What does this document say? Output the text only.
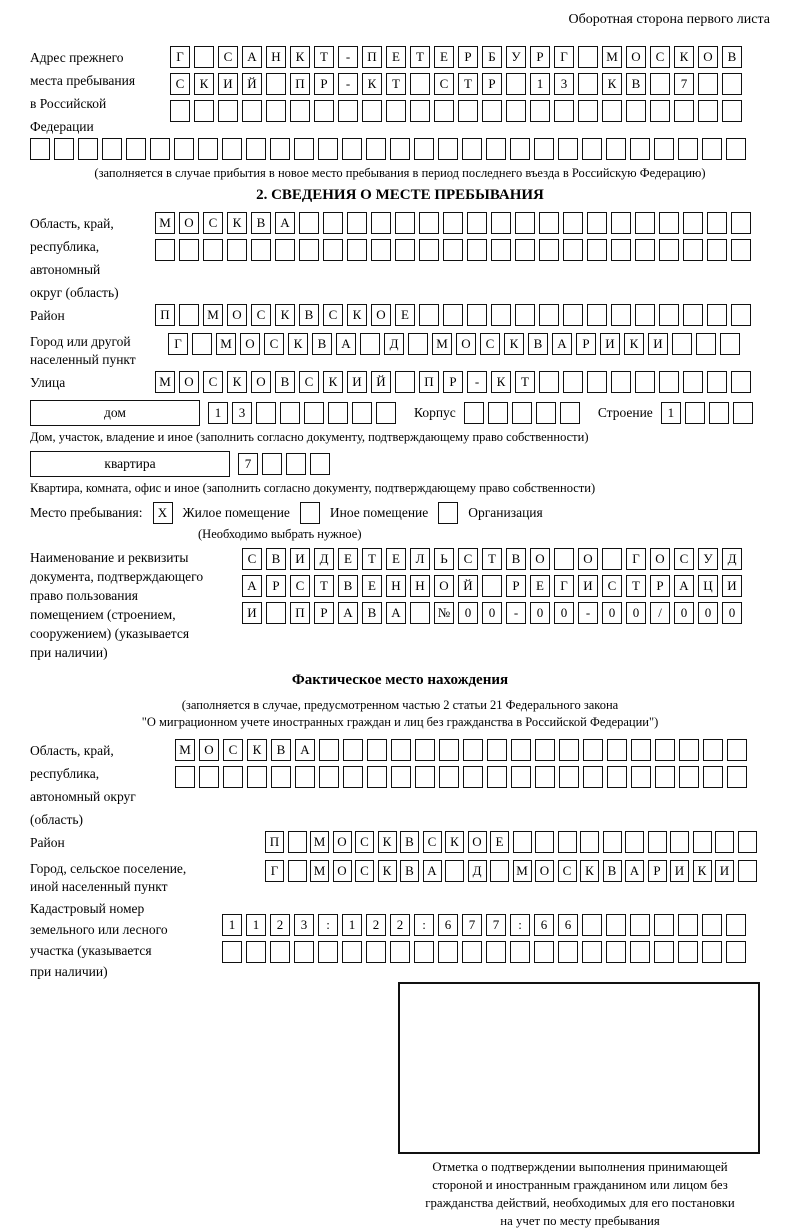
Оборотная сторона первого листа
Адрес прежнего
места пребывания
в Российской
Федерации
Г	С	А	Н	К	Т	-	П	Е	Т	Е	Р	Б	У	Р	Г	М	О	С	К	О	В
С	К	И	Й	П	Р	-	К	Т	С	Т	Р	1	3	К	В	7
(заполняется в случае прибытия в новое место пребывания в период последнего въезда в Российскую Федерацию)
2. СВЕДЕНИЯ О МЕСТЕ ПРЕБЫВАНИЯ
Область, край,
республика,
автономный
округ (область)
М	О	С	К	В	А
Район	П	М	О	С	К	В	С	К	О	Е
Город или другой
населенный пункт
Г	М	О	С	К	В	А	Д	М	О	С	К	В	А	Р	И	К	И
Улица	М	О	С	К	О	В	С	К	И	Й	П	Р	-	К	Т
дом	1	3	Корпус	Строение	1
Дом, участок, владение и иное (заполнить согласно документу, подтверждающему право собственности)
квартира	7
Квартира, комната, офис и иное (заполнить согласно документу, подтверждающему право собственности)
Место пребывания:	X	Жилое помещение	Иное помещение	Организация
(Необходимо выбрать нужное)
Наименование и реквизиты
документа, подтверждающего
право пользования
помещением (строением,
сооружением) (указывается
при наличии)
С	В	И	Д	Е	Т	Е	Л	Ь	С	Т	В	О	О	Г	О	С	У	Д
А	Р	С	Т	В	Е	Н	Н	О	Й	Р	Е	Г	И	С	Т	Р	А	Ц	И
И	П	Р	А	В	А	№	0	0	-	0	0	-	0	0	/	0	0	0
Фактическое место нахождения
(заполняется в случае, предусмотренном частью 2 статьи 21 Федерального закона
"О миграционном учете иностранных граждан и лиц без гражданства в Российской Федерации")
Область, край,
республика,
автономный округ
(область)
М	О	С	К	В	А
Район	П	М О	С	К	В	С	К	О	Е
Город, сельское поселение,
иной населенный пункт
Г	М О	С	К	В	А	Д	М О	С	К	В	А	Р	И	К	И
Кадастровый номер
земельного или лесного
участка (указывается
при наличии)
1	1	2	3	:	1	2	2	:	6	7	7	:	6	6
Отметка о подтверждении выполнения принимающей
стороной и иностранным гражданином или лицом без
гражданства действий, необходимых для его постановки
на учет по месту пребывания
